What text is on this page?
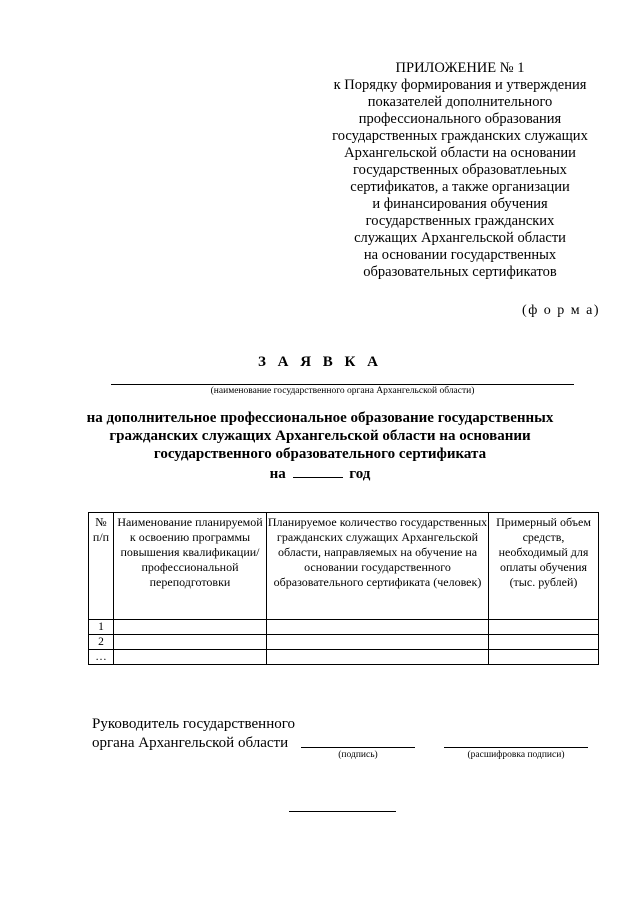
ПРИЛОЖЕНИЕ № 1
к Порядку формирования и утверждения
показателей дополнительного
профессионального образования
государственных гражданских служащих
Архангельской области на основании
государственных образоватлеьных
сертификатов, а также организации
и финансирования обучения
государственных гражданских
служащих Архангельской области
на основании государственных
образовательных сертификатов
(ф о р м а)
З А Я В К А
(наименование государственного органа Архангельской области)
на дополнительное профессиональное образование государственных
гражданских служащих Архангельской области на основании
государственного образовательного сертификата
на	год
№ п/п	Наименование планируемой к освоению программы повышения квалификации/ профессиональной переподготовки	Планируемое количество государственных гражданских служащих Архангельской области, направляемых на обучение на основании государственного образовательного сертификата (человек)	Примерный объем средств, необходимый для оплаты обучения (тыс. рублей)
1			
2			
…			
Руководитель государственного
органа Архангельской области
(подпись)	(расшифровка подписи)
